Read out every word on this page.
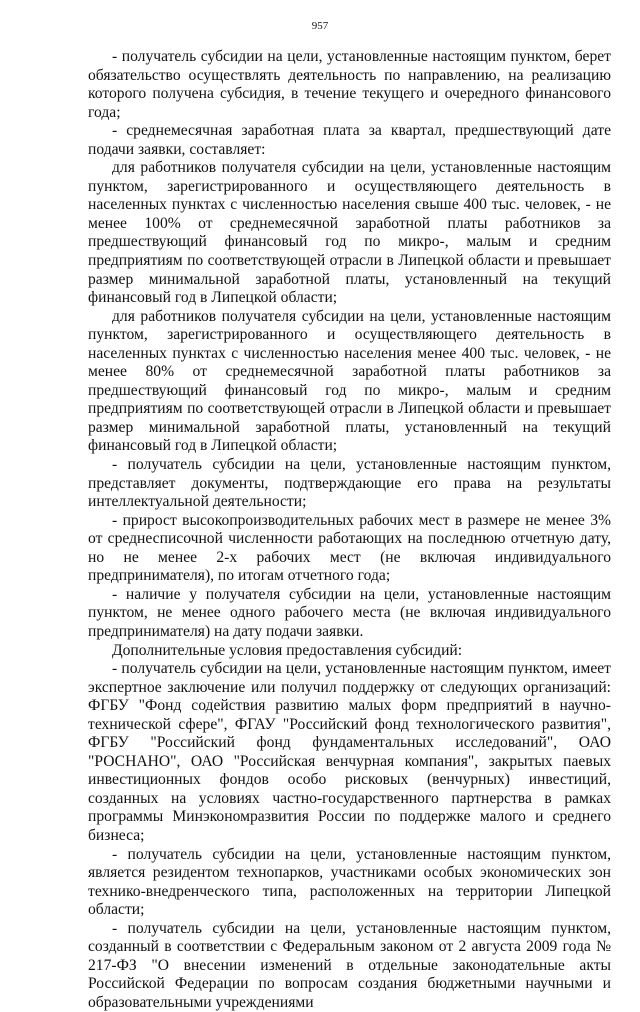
957

- получатель субсидии на цели, установленные настоящим пунктом, берет обязательство осуществлять деятельность по направлению, на реализацию которого получена субсидия, в течение текущего и очередного финансового года;

- среднемесячная заработная плата за квартал, предшествующий дате подачи заявки, составляет:

для работников получателя субсидии на цели, установленные настоящим пунктом, зарегистрированного и осуществляющего деятельность в населенных пунктах с численностью населения свыше 400 тыс. человек, - не менее 100% от среднемесячной заработной платы работников за предшествующий финансовый год по микро-, малым и средним предприятиям по соответствующей отрасли в Липецкой области и превышает размер минимальной заработной платы, установленный на текущий финансовый год в Липецкой области;

для работников получателя субсидии на цели, установленные настоящим пунктом, зарегистрированного и осуществляющего деятельность в населенных пунктах с численностью населения менее 400 тыс. человек, - не менее 80% от среднемесячной заработной платы работников за предшествующий финансовый год по микро-, малым и средним предприятиям по соответствующей отрасли в Липецкой области и превышает размер минимальной заработной платы, установленный на текущий финансовый год в Липецкой области;

- получатель субсидии на цели, установленные настоящим пунктом, представляет документы, подтверждающие его права на результаты интеллектуальной деятельности;

- прирост высокопроизводительных рабочих мест в размере не менее 3% от среднесписочной численности работающих на последнюю отчетную дату, но не менее 2-х рабочих мест (не включая индивидуального предпринимателя), по итогам отчетного года;

- наличие у получателя субсидии на цели, установленные настоящим пунктом, не менее одного рабочего места (не включая индивидуального предпринимателя) на дату подачи заявки.

Дополнительные условия предоставления субсидий:

- получатель субсидии на цели, установленные настоящим пунктом, имеет экспертное заключение или получил поддержку от следующих организаций: ФГБУ "Фонд содействия развитию малых форм предприятий в научно-технической сфере", ФГАУ "Российский фонд технологического развития", ФГБУ "Российский фонд фундаментальных исследований", ОАО "РОСНАНО", ОАО "Российская венчурная компания", закрытых паевых инвестиционных фондов особо рисковых (венчурных) инвестиций, созданных на условиях частно-государственного партнерства в рамках программы Минэкономразвития России по поддержке малого и среднего бизнеса;

- получатель субсидии на цели, установленные настоящим пунктом, является резидентом технопарков, участниками особых экономических зон технико-внедренческого типа, расположенных на территории Липецкой области;

- получатель субсидии на цели, установленные настоящим пунктом, созданный в соответствии с Федеральным законом от 2 августа 2009 года № 217-ФЗ "О внесении изменений в отдельные законодательные акты Российской Федерации по вопросам создания бюджетными научными и образовательными учреждениями
